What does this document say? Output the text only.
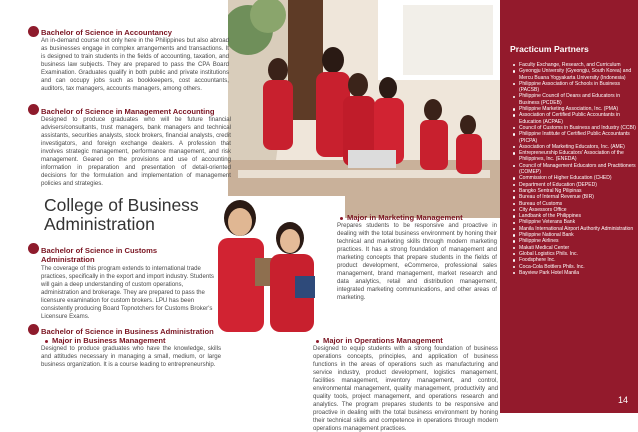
Bachelor of Science in Accountancy
An in-demand course not only here in the Philippines but also abroad as businesses engage in complex arrangements and transactions. It is designed to train students in the fields of accounting, taxation, and business law subjects. They are prepared to pass the CPA Board Examination. Graduates qualify in both public and private institutions and can occupy jobs such as bookkeepers, cost accountants, auditors, tax managers, accounts managers, among others.
Bachelor of Science in Management Accounting
Designed to produce graduates who will be future financial advisers/consultants, trust managers, bank managers and technical assistants, securities analysts, stock brokers, financial analysts, credit investigators, and foreign exchange dealers. A profession that involves strategic management, performance management, and risk management. Geared on the provisions and use of accounting information in preparation and presentation of detail-oriented decisions for the formulation and implementation of management policies and strategies.
College of Business
Administration
Bachelor of Science in Customs Administration
The coverage of this program extends to international trade practices, specifically in the export and import industry. Students will gain a deep understanding of custom operations, administration and brokerage. They are prepared to pass the licensure examination for custom brokers. LPU has been consistently producing Board Topnotchers for Customs Broker's Licensure Exams.
Bachelor of Science in Business Administration
Major in Business Management
Designed to produce graduates who have the knowledge, skills and attitudes necessary in managing a small, medium, or large business organization. It is a course leading to entrepreneurship.
Major in Marketing Management
Prepares students to be responsive and proactive in dealing with the total business environment by honing their technical and marketing skills through modern marketing practices. It has a strong foundation of management and marketing concepts that prepare students in the fields of product development, eCommerce, professional sales management, brand management, market research and data analytics, retail and distribution management, integrated marketing communications, and other areas of marketing.
Major in Operations Management
Designed to equip students with a strong foundation of business operations concepts, principles, and application of business functions in the areas of operations such as manufacturing and service industry, product development, logistics management, facilities management, inventory management, and control, environmental management, quality management, productivity and quality tools, project management, and operations research and analytics. The program prepares students to be responsive and proactive in dealing with the total business environment by honing their technical skills and competence in operations through modern operations management practices.
Practicum Partners
Faculty Exchange, Research, and Curriculum
Gyeongju University (Gyeongju, South Korea) and Mercu Buana Yogyakarta University (Indonesia)
Philippine Association of Schools in Business (PACSB)
Philippine Council of Deans and Educators in Business (PCDEB)
Philippine Marketing Association, Inc. (PMA)
Association of Certified Public Accountants in Education (ACPAE)
Council of Customs in Business and Industry (CCBI)
Philippine Institute of Certified Public Accountants (PICPA)
Association of Marketing Educators, Inc. (AME)
Entrepreneurship Educators' Association of the Philippines, Inc. (ENEDA)
Council of Management Educators and Practitioners (COMEP)
Commission of Higher Education (CHED)
Department of Education (DEPED)
Bangko Sentral Ng Pilipinas
Bureau of Internal Revenue (BIR)
Bureau of Customs
City Assessors Office
Landbank of the Philippines
Philippine Veterans Bank
Manila International Airport Authority Administration
Philippine National Bank
Philippine Airlines
Makati Medical Center
Global Logistics Phils. Inc.
Foodsphere Inc.
Coca-Cola Bottlers Phils. Inc.
Bayview Park Hotel Manila
14
